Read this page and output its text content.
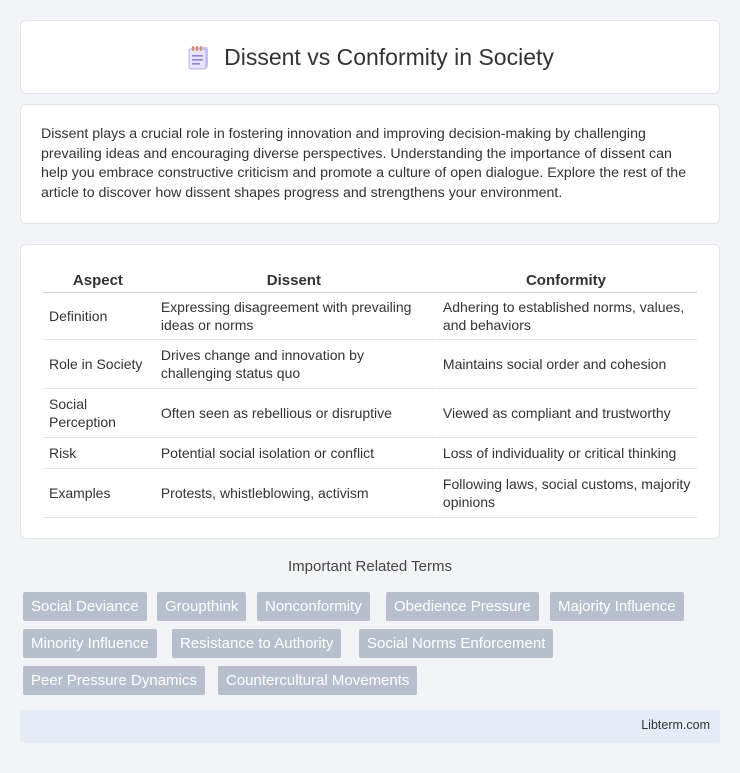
Dissent vs Conformity in Society

Dissent plays a crucial role in fostering innovation and improving decision-making by challenging prevailing ideas and encouraging diverse perspectives. Understanding the importance of dissent can help you embrace constructive criticism and promote a culture of open dialogue. Explore the rest of the article to discover how dissent shapes progress and strengthens your environment.

Aspect	Dissent	Conformity
Definition	Expressing disagreement with prevailing ideas or norms	Adhering to established norms, values, and behaviors
Role in Society	Drives change and innovation by challenging status quo	Maintains social order and cohesion
Social Perception	Often seen as rebellious or disruptive	Viewed as compliant and trustworthy
Risk	Potential social isolation or conflict	Loss of individuality or critical thinking
Examples	Protests, whistleblowing, activism	Following laws, social customs, majority opinions
Important Related Terms
Social Deviance	Groupthink	Nonconformity	Obedience Pressure	Majority Influence
Minority Influence	Resistance to Authority	Social Norms Enforcement
Peer Pressure Dynamics	Countercultural Movements
Libterm.com
